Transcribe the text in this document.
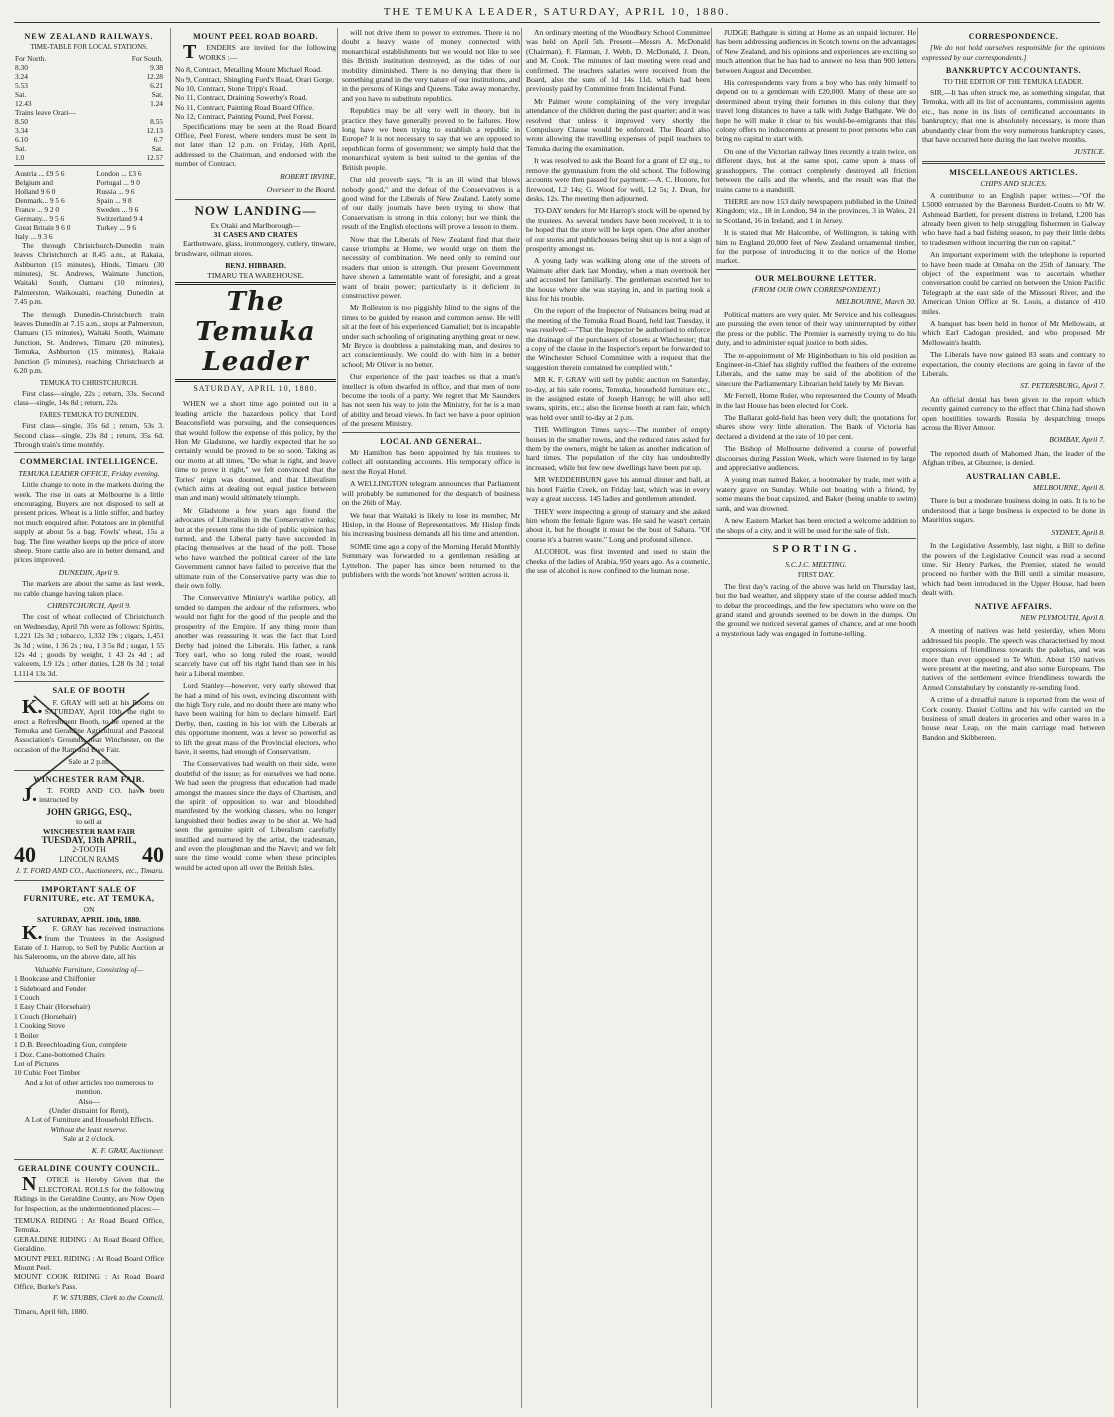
THE TEMUKA LEADER, SATURDAY, APRIL 10, 1880.
NEW ZEALAND RAILWAYS.
TIME-TABLE FOR LOCAL STATIONS.
For North.	For South.
8.30	9.38
3.24	12.28
5.53	6.21
Sat.	Sat.
12.43	1.24
Trains leave Orari—	
8.50	8.55
3.34	12.13
6.10	6.7
Sat.	Sat.
1.0	12.57
Austria ... £9 5 6	London ... £3 6
Belgium and	Portugal ... 9 0
Holland 9 6 0	Russia ... 9 6
Denmark... 9 5 6	Spain ... 9 8
France ... 9 2 0	Sweden ... 9 6
Germany... 9 5 6	Switzerland 9 4
Great Britain 9 6 0	Turkey ... 9 6
Italy ... 9 3 6	

The through Christchurch-Dunedin train leaves Christchurch at 8.45 a.m., at Rakaia, Ashburton (15 minutes), Hinds, Timaru (30 minutes), St. Andrews, Waimate Junction, Waitaki South, Oamaru (10 minutes), Palmerston, Waikouaiti, reaching Dunedin at 7.45 p.m.

The through Dunedin-Christchurch train leaves Dunedin at 7.15 a.m., stops at Palmerston, Oamaru (15 minutes), Waitaki South, Waimate Junction, St. Andrews, Timaru (20 minutes), Temuka, Ashburton (15 minutes), Rakaia Junction (5 minutes), reaching Christchurch at 6.20 p.m.

TEMUKA TO CHRISTCHURCH.

First class—single, 22s ; return, 33s. Second class—single, 14s 8d ; return, 22s.

FARES TEMUKA TO DUNEDIN.

First class—single, 35s 6d ; return, 53s 3. Second class—single, 23s 8d ; return, 35s 6d. Through train's time monthly.

COMMERCIAL INTELLIGENCE.
TEMUKA LEADER OFFICE, Friday evening.

Little change to note in the markets during the week. The rise in oats at Melbourne is a little encouraging. Buyers are not disposed to sell at present prices. Wheat is a little stiffer, and barley not much enquired after. Potatoes are in plentiful supply at about 5s a bag. Fowls' wheat, 15s a bag. The fine weather keeps up the price of store sheep. Store cattle also are in better demand, and prices improved.

DUNEDIN, April 9.

The markets are about the same as last week, no cable change having taken place.

CHRISTCHURCH, April 9.

The cost of wheat collected of Christchurch on Wednesday, April 7th were as follows: Spirits, 1,221 12s 3d ; tobacco, 1,332 19s ; cigars, 1,451 3s 3d ; wine, 1 36 2s ; tea, 1 3 5s 8d ; sugar, 1 55 12s 4d ; goods by weight, 1 43 2s 4d ; ad valorem, L9 12s ; other duties, L28 0s 3d ; total L1114 13s 3d.

SALE OF BOOTH

K.F. GRAY will sell at his Rooms on SATURDAY, April 10th, the right to erect a Refreshment Booth, to be opened at the Temuka and Geraldine Agricultural and Pastoral Association's Grounds, near Winchester, on the occasion of the Ram and Ewe Fair.

Sale at 2 p.m.
WINCHESTER RAM FAIR.

J.T. FORD AND CO. have been instructed by

JOHN GRIGG, ESQ.,
to sell at
WINCHESTER RAM FAIR
TUESDAY, 13th APRIL,
40	2-TOOTH LINCOLN RAMS 40
J. T. FORD AND CO., Auctioneers, etc., Timaru.
IMPORTANT SALE OF FURNITURE, etc. AT TEMUKA,
ON
SATURDAY, APRIL 10th, 1880.

K.F. GRAY has received instructions from the Trustees in the Assigned Estate of J. Harrop, to Sell by Public Auction at his Salerooms, on the above date, all his

Valuable Furniture, Consisting of—
1 Bookcase and Chiffonier
1 Sideboard and Fender
1 Couch
1 Easy Chair (Horsehair)
1 Couch (Horsehair)
1 Cooking Stove
1 Boiler
1 D.B. Breechloading Gun, complete
1 Doz. Cane-bottomed Chairs
Lot of Pictures
10 Cubic Feet Timber
And a lot of other articles too numerous to mention.
Also—
(Under distraint for Rent),
A Lot of Furniture and Household Effects.
Without the least reserve.
Sale at 2 o'clock.
K. F. GRAY, Auctioneer.
GERALDINE COUNTY COUNCIL.

NOTICE is Hereby Given that the ELECTORAL ROLLS for the following Ridings in the Geraldine County, are Now Open for Inspection, as the undermentioned places:—

TEMUKA RIDING : At Road Board Office, Temuka.
GERALDINE RIDING : At Road Board Office, Geraldine.
MOUNT PEEL RIDING : At Road Board Office Mount Peel.
MOUNT COOK RIDING : At Road Board Office, Burke's Pass.
F. W. STUBBS, Clerk to the Council.
Timaru, April 6th, 1880.
MOUNT PEEL ROAD BOARD.

TENDERS are invited for the following WORKS :—

No 8, Contract, Metalling Mount Michael Road.
No 9, Contract, Shingling Ford's Road, Orari Gorge.
No 10, Contract, Stone Tripp's Road.
No 11, Contract, Draining Sowerby's Road.
No 11, Contract, Painting Road Board Office.
No 12, Contract, Painting Pound, Peel Forest.

Specifications may be seen at the Road Board Office, Peel Forest, where tenders must be sent in not later than 12 p.m. on Friday, 16th April, addressed to the Chairman, and endorsed with the number of Contract.

ROBERT IRVINE,
Overseer to the Board.
NOW LANDING—
Ex Otaki and Marlborough—
31 CASES AND CRATES

Earthenware, glass, ironmongery, cutlery, tinware, brushware, oilman stores.

BENJ. HIBBARD.
TIMARU TEA WAREHOUSE.
The Temuka Leader
SATURDAY, APRIL 10, 1880.

WHEN we a short time ago pointed out in a leading article the hazardous policy that Lord Beaconsfield was pursuing, and the consequences that would follow the expense of this policy, by the Hon Mr Gladstone, we hardly expected that he so certainly would be proved to be so soon. Taking as our motto at all times, "Do what is right, and leave time to prove it right," we felt convinced that the Tories' reign was doomed, and that Liberalism (which aims at dealing out equal justice between man and man) would ultimately triumph.

Mr Gladstone a few years ago found the advocates of Liberalism in the Conservative ranks; but at the present time the tide of public opinion has turned, and the Liberal party have succeeded in placing themselves at the head of the poll. Those who have watched the political career of the late Government cannot have failed to perceive that the ultimate ruin of the Conservative party was due to their own folly.

The Conservative Ministry's warlike policy, all tended to dampen the ardour of the reformers, who would not fight for the good of the people and the prosperity of the Empire. If any thing more than another was reassuring it was the fact that Lord Derby had joined the Liberals. His father, a rank Tory earl, who so long ruled the roast, would scarcely have cut off his right hand than see in his heir a Liberal member.

Lord Stanley—however, very early showed that he had a mind of his own, evincing discontent with the high Tory rule, and no doubt there are many who have been waiting for him to declare himself. Earl Derby, then, casting in his lot with the Liberals at this opportune moment, was a lever so powerful as to lift the great mass of the Provincial electors, who have, it seems, had enough of Conservatism.

The Conservatives had wealth on their side, were doubtful of the issue; as for ourselves we had none. We had seen the progress that education had made amongst the masses since the days of Chartism, and the spirit of opposition to war and bloodshed manifested by the working classes, who no longer languished their bodies away to be shot at. We had seen the genuine spirit of Liberalism carefully instilled and nurtured by the artist, the tradesman, and even the ploughman and the Navvi; and we felt sure the time would come when these principles would be acted upon all over the British Isles.

will not drive them to power to extremes. There is no doubt a heavy waste of money connected with monarchical establishments but we would not like to see this British institution destroyed, as the tides of our mobility diminished. There is no denying that there is something grand in the very nature of our institutions, and in the persons of Kings and Queens. Take away monarchy, and you have to substitute republics.

Republics may be all very well in theory, but in practice they have generally proved to be failures. How long have we been trying to establish a republic in Europe? It is not necessary to say that we are opposed to republican forms of government; we simply hold that the monarchical system is best suited to the genius of the British people.

Our old proverb says, "It is an ill wind that blows nobody good," and the defeat of the Conservatives is a good wind for the Liberals of New Zealand. Lately some of our daily journals have been trying to show that Conservatism is strong in this colony; but we think the result of the English elections will prove a lesson to them.

Now that the Liberals of New Zealand find that their cause triumphs at Home, we would urge on them the necessity of combination. We need only to remind our readers that union is strength. Our present Government have shown a lamentable want of foresight, and a great want of brain power; particularly is it deficient in constructive power.

Mr Rolleston is too piggishly blind to the signs of the times to be guided by reason and common sense. He will sit at the feet of his experienced Gamaliel; but is incapable under such schooling of originating anything great or new. Mr Bryce is doubtless a painstaking man, and desires to act conscientiously. We could do with him in a better school; Mr Oliver is no better.

Our experience of the past teaches us that a man's intellect is often dwarfed in office, and that men of note become the tools of a party. We regret that Mr Saunders has not seen his way to join the Ministry, for he is a man of ability and broad views. In fact we have a poor opinion of the present Ministry.

LOCAL AND GENERAL.

Mr Hamilton has been appointed by his trustees to collect all outstanding accounts. His temporary office is next the Royal Hotel.

A WELLINGTON telegram announces that Parliament will probably be summoned for the despatch of business on the 26th of May.

We hear that Waitaki is likely to lose its member, Mr Hislop, in the House of Representatives. Mr Hislop finds his increasing business demands all his time and attention.

SOME time ago a copy of the Morning Herald Monthly Summary was forwarded to a gentleman residing at Lyttelton. The paper has since been returned to the publishers with the words 'not known' written across it.

An ordinary meeting of the Woodbury School Committee was held on April 5th. Present—Messrs A. McDonald (Chairman), F. Flatman, J. Webb, D. McDonald, J. Dean, and M. Cook. The minutes of last meeting were read and confirmed. The teachers salaries were received from the Board, also the sum of 1d 14s 11d, which had been previously paid by Committee from Incidental Fund.

Mr Palmer wrote complaining of the very irregular attendance of the children during the past quarter; and it was resolved that unless it improved very shortly the Compulsory Clause would be enforced. The Board also wrote allowing the travelling expenses of pupil teachers to Temuka during the examination.

It was resolved to ask the Board for a grant of £2 stg., to remove the gymnasium from the old school. The following accounts were then passed for payment:—A. C. Honore, for firewood, L2 14s; G. Wood for well, L2 5s; J. Dean, for desks, 12s. The meeting then adjourned.

TO-DAY tenders for Mr Harrop's stock will be opened by the trustees. As several tenders have been received, it is to be hoped that the store will be kept open. One after another of our stores and publichouses being shut up is not a sign of prosperity amongst us.

A young lady was walking along one of the streets of Waimate after dark last Monday, when a man overtook her and accosted her familiarly. The gentleman escorted her to the house where she was staying in, and in parting took a kiss for his trouble.

On the report of the Inspector of Nuisances being read at the meeting of the Temuka Road Board, held last Tuesday, it was resolved:—"That the Inspector be authorised to enforce the drainage of the purchasers of closets at Winchester; that a copy of the clause in the Inspector's report be forwarded to the Winchester School Committee with a request that the suggestion therein contained be complied with."

MR K. F. GRAY will sell by public auction on Saturday, to-day, at his sale rooms, Temuka, household furniture etc., in the assigned estate of Joseph Harrop; he will also sell swans, spirits, etc.; also the license booth at ram fair, which was held over until to-day at 2 p.m.

THE Wellington Times says:—The number of empty houses in the smaller towns, and the reduced rates asked for them by the owners, might be taken as another indication of hard times. The population of the city has undoubtedly increased, while but few new dwellings have been put up.

MR WEDDERBURN gave his annual dinner and ball, at his hotel Fairlie Creek, on Friday last, which was in every way a great success. 145 ladies and gentlemen attended.

THEY were inspecting a group of statuary and she asked him whom the female figure was. He said he wasn't certain about it, but he thought it must be the bust of Sahara. "Of course it's a barren waste." Long and profound silence.

ALCOHOL was first invented and used to stain the cheeks of the ladies of Arabia, 950 years ago. As a cosmetic, the use of alcohol is now confined to the human nose.

JUDGE Bathgate is sitting at Home as an unpaid lecturer. He has been addressing audiences in Scotch towns on the advantages of New Zealand, and his opinions and experiences are exciting so much attention that he has had to answer no less than 900 letters between August and December.

His correspondents vary from a boy who has only himself to depend on to a gentleman with £20,000. Many of these are so determined about trying their fortunes in this colony that they travel long distances to have a talk with Judge Bathgate. We do hope he will make it clear to his would-be-emigrants that this colony offers no inducements at present to poor persons who can bring no capital to start with.

On one of the Victorian railway lines recently a train twice, on different days, but at the same spot, came upon a mass of grasshoppers. The contact completely destroyed all friction between the rails and the wheels, and the result was that the trains came to a standstill.

THERE are now 153 daily newspapers published in the United Kingdom; viz., 18 in London, 94 in the provinces, 3 in Wales, 21 in Scotland, 16 in Ireland, and 1 in Jersey.

It is stated that Mr Halcombe, of Wellington, is taking with him to England 20,000 feet of New Zealand ornamental timber, for the purpose of introducing it to the notice of the Home market.

OUR MELBOURNE LETTER.
(FROM OUR OWN CORRESPONDENT.)
MELBOURNE, March 30.

Political matters are very quiet. Mr Service and his colleagues are pursuing the even tenor of their way uninterrupted by either the press or the public. The Premier is earnestly trying to do his duty, and to administer equal justice to both sides.

The re-appointment of Mr Higinbotham to his old position as Engineer-in-Chief has slightly ruffled the feathers of the extreme Liberals, and the same may be said of the abolition of the sinecure the Parliamentary Librarian held lately by Mr Bevan.

Mr Ferrell, Home Ruler, who represented the County of Meath in the last House has been elected for Cork.

The Ballarat gold-field has been very dull; the quotations for shares show very little alteration. The Bank of Victoria has declared a dividend at the rate of 10 per cent.

The Bishop of Melbourne delivered a course of powerful discourses during Passion Week, which were listened to by large and appreciative audiences.

A young man named Baker, a bootmaker by trade, met with a watery grave on Sunday. While out boating with a friend, by some means the boat capsized, and Baker (being unable to swim) sank, and was drowned.

A new Eastern Market has been erected a welcome addition to the shops of a city, and it will be used for the sale of fish.

SPORTING.
S.C.J.C. MEETING.
FIRST DAY.

The first day's racing of the above was held on Thursday last, but the bad weather, and slippery state of the course added much to debar the proceedings, and the few spectators who were on the grand stand and grounds seemed to be down in the dumps. On the ground we noticed several games of chance, and at one booth a mysterious lady was engaged in fortune-telling.

CORRESPONDENCE.

[We do not hold ourselves responsible for the opinions expressed by our correspondents.]

BANKRUPTCY ACCOUNTANTS.
TO THE EDITOR OF THE TEMUKA LEADER.

SIR,—It has often struck me, as something singular, that Temuka, with all its list of accountants, commission agents etc., has none in its lists of certificated accountants in bankruptcy; that one is absolutely necessary, is more than abundantly clear from the very numerous bankruptcy cases, that have occurred here during the last twelve months.

JUSTICE.
MISCELLANEOUS ARTICLES.
CHIPS AND SLICES.

A contributor to an English paper writes:—"Of the L5000 entrusted by the Baroness Burdett-Coutts to Mr W. Ashmead Bartlett, for present distress in Ireland, L200 has already been given to help struggling fishermen in Galway who have had a bad fishing season, to pay their little debts to tradesmen without incurring the run on capital."

An important experiment with the telephone is reported to have been made at Omaha on the 25th of January. The object of the experiment was to ascertain whether conversation could be carried on between the Union Pacific Telegraph at the east side of the Missouri River, and the American Union Office at St. Louis, a distance of 410 miles.

A banquet has been held in honor of Mr Mellowain, at which Earl Cadogan presided, and who proposed Mr Mellowain's health.

The Liberals have now gained 83 seats and contrary to expectation, the county elections are going in favor of the Liberals.

ST. PETERSBURG, April 7.

An official denial has been given to the report which recently gained currency to the effect that China had shown open hostilities towards Russia by despatching troops across the River Amoor.

BOMBAY, April 7.

The reported death of Mahomed Jhan, the leader of the Afghan tribes, at Ghuznee, is denied.

AUSTRALIAN CABLE.
MELBOURNE, April 8.

There is but a moderate business doing in oats. It is to be understood that a large business is expected to be done in Mauritius sugars.

SYDNEY, April 8.

In the Legislative Assembly, last night, a Bill to define the powers of the Legislative Council was read a second time. Sir Henry Parkes, the Premier, stated he would proceed no further with the Bill until a similar measure, which had been introduced in the Upper House, had been dealt with.

NATIVE AFFAIRS.
NEW PLYMOUTH, April 8.

A meeting of natives was held yesterday, when Motu addressed his people. The speech was characterised by most expressions of friendliness towards the pakehas, and was more than ever opposed to Te Whiti. About 150 natives were present at the meeting, and also some Europeans. The natives of the settlement evince friendliness towards the Armed Constabulary by constantly re-sending food.

A crime of a dreadful nature is reported from the west of Cork county. Daniel Collins and his wife carried on the business of small dealers in groceries and other wares in a house near Leap, on the main carriage road between Bandon and Skibbereen.
